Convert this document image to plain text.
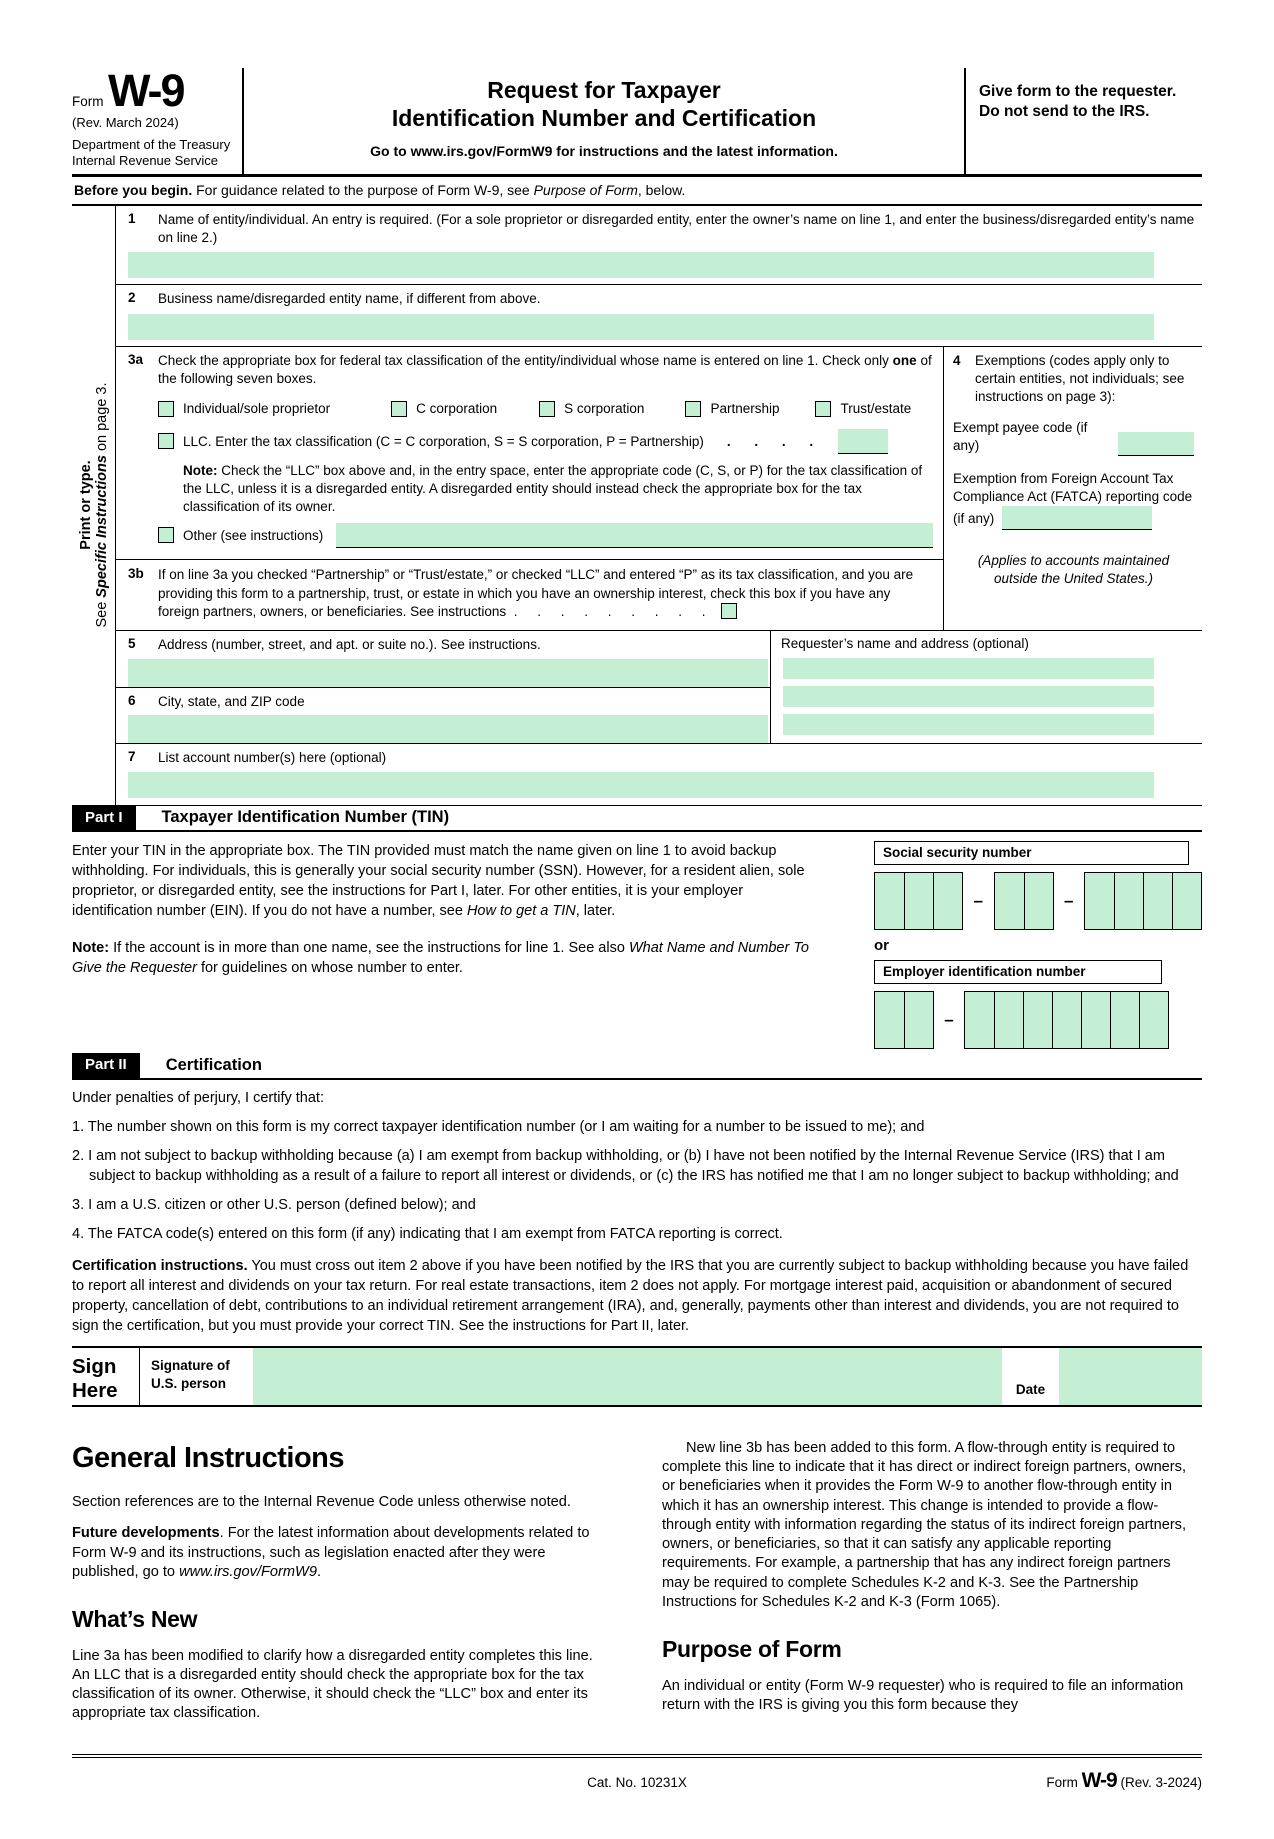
Form W-9
(Rev. March 2024)
Department of the Treasury
Internal Revenue Service
Request for Taxpayer
Identification Number and Certification
Go to www.irs.gov/FormW9 for instructions and the latest information.
Give form to the requester. Do not send to the IRS.
Before you begin. For guidance related to the purpose of Form W-9, see Purpose of Form, below.
Print or type.
See Specific Instructions on page 3.
1	Name of entity/individual. An entry is required. (For a sole proprietor or disregarded entity, enter the owner’s name on line 1, and enter the business/disregarded entity’s name on line 2.)
2	Business name/disregarded entity name, if different from above.
3a	Check the appropriate box for federal tax classification of the entity/individual whose name is entered on line 1. Check only one of the following seven boxes.
Individual/sole proprietor	C corporation	S corporation	Partnership	Trust/estate
LLC. Enter the tax classification (C = C corporation, S = S corporation, P = Partnership) . . . .
Note: Check the “LLC” box above and, in the entry space, enter the appropriate code (C, S, or P) for the tax classification of the LLC, unless it is a disregarded entity. A disregarded entity should instead check the appropriate box for the tax classification of its owner.
Other (see instructions)
3b	If on line 3a you checked “Partnership” or “Trust/estate,” or checked “LLC” and entered “P” as its tax classification, and you are providing this form to a partnership, trust, or estate in which you have an ownership interest, check this box if you have any foreign partners, owners, or beneficiaries. See instructions . . . . . . . . .
4	Exemptions (codes apply only to certain entities, not individuals; see instructions on page 3):
Exempt payee code (if any)
Exemption from Foreign Account Tax Compliance Act (FATCA) reporting code (if any)
(Applies to accounts maintained outside the United States.)
5	Address (number, street, and apt. or suite no.). See instructions.
6	City, state, and ZIP code
Requester’s name and address (optional)
7	List account number(s) here (optional)
Part I	Taxpayer Identification Number (TIN)

Enter your TIN in the appropriate box. The TIN provided must match the name given on line 1 to avoid backup withholding. For individuals, this is generally your social security number (SSN). However, for a resident alien, sole proprietor, or disregarded entity, see the instructions for Part I, later. For other entities, it is your employer identification number (EIN). If you do not have a number, see How to get a TIN, later.

Note: If the account is in more than one name, see the instructions for line 1. See also What Name and Number To Give the Requester for guidelines on whose number to enter.

Social security number
–	–
or
Employer identification number
–
Part II	Certification
Under penalties of perjury, I certify that:
1. The number shown on this form is my correct taxpayer identification number (or I am waiting for a number to be issued to me); and
2. I am not subject to backup withholding because (a) I am exempt from backup withholding, or (b) I have not been notified by the Internal Revenue Service (IRS) that I am subject to backup withholding as a result of a failure to report all interest or dividends, or (c) the IRS has notified me that I am no longer subject to backup withholding; and
3. I am a U.S. citizen or other U.S. person (defined below); and
4. The FATCA code(s) entered on this form (if any) indicating that I am exempt from FATCA reporting is correct.
Certification instructions. You must cross out item 2 above if you have been notified by the IRS that you are currently subject to backup withholding because you have failed to report all interest and dividends on your tax return. For real estate transactions, item 2 does not apply. For mortgage interest paid, acquisition or abandonment of secured property, cancellation of debt, contributions to an individual retirement arrangement (IRA), and, generally, payments other than interest and dividends, you are not required to sign the certification, but you must provide your correct TIN. See the instructions for Part II, later.
Sign
Here
Signature of
U.S. person	Date
General Instructions

Section references are to the Internal Revenue Code unless otherwise noted.

Future developments. For the latest information about developments related to Form W-9 and its instructions, such as legislation enacted after they were published, go to www.irs.gov/FormW9.

What’s New

Line 3a has been modified to clarify how a disregarded entity completes this line. An LLC that is a disregarded entity should check the appropriate box for the tax classification of its owner. Otherwise, it should check the “LLC” box and enter its appropriate tax classification.

New line 3b has been added to this form. A flow-through entity is required to complete this line to indicate that it has direct or indirect foreign partners, owners, or beneficiaries when it provides the Form W-9 to another flow-through entity in which it has an ownership interest. This change is intended to provide a flow-through entity with information regarding the status of its indirect foreign partners, owners, or beneficiaries, so that it can satisfy any applicable reporting requirements. For example, a partnership that has any indirect foreign partners may be required to complete Schedules K-2 and K-3. See the Partnership Instructions for Schedules K-2 and K-3 (Form 1065).

Purpose of Form

An individual or entity (Form W-9 requester) who is required to file an information return with the IRS is giving you this form because they

Cat. No. 10231X	Form W-9 (Rev. 3-2024)
